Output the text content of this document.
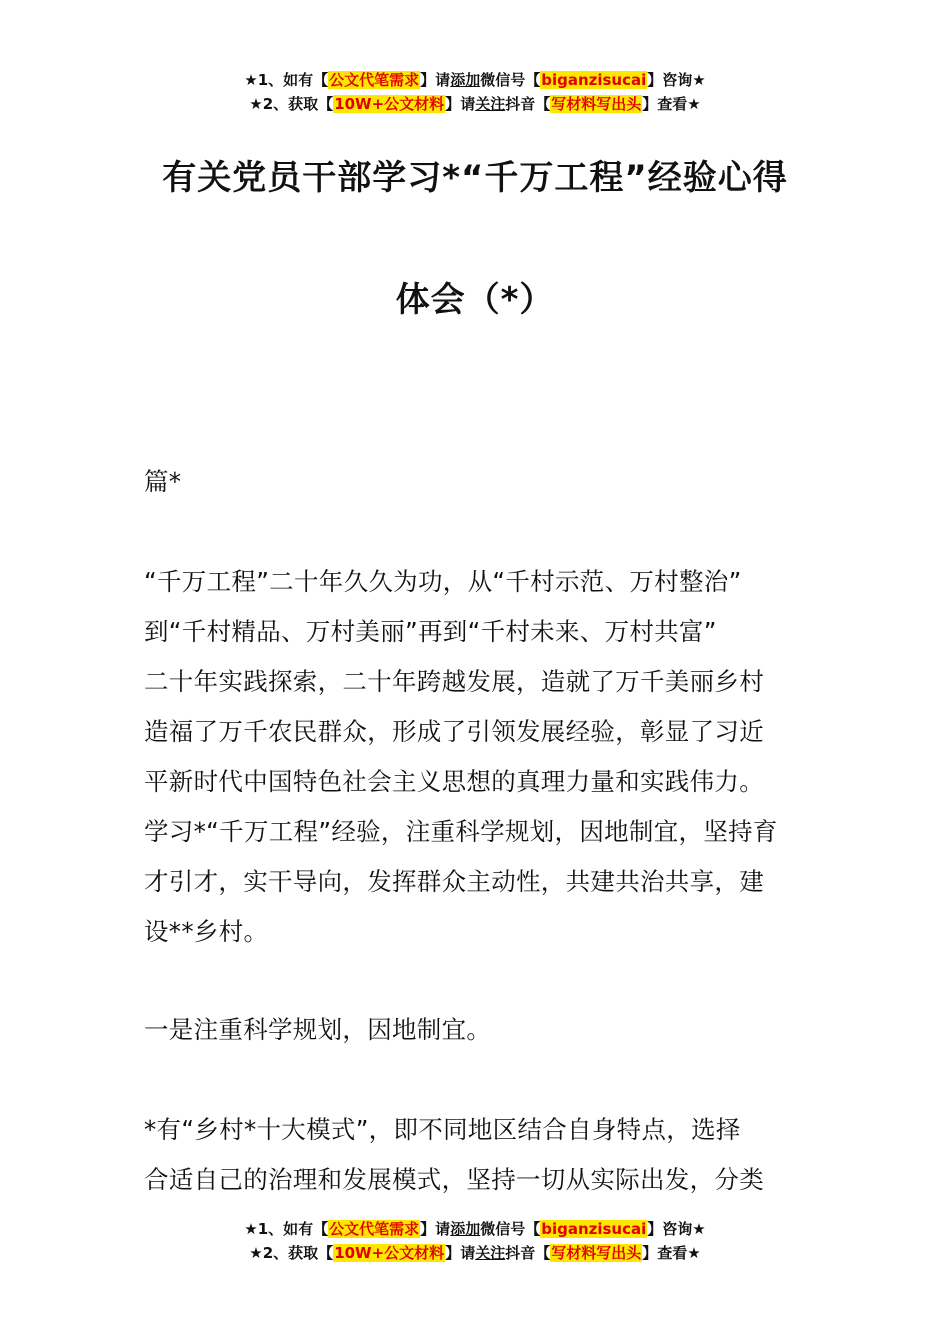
★1、如有【公文代笔需求】请添加微信号【biganzisucai】咨询★
★2、获取【10W+公文材料】请关注抖音【写材料写出头】查看★
有关党员干部学习*“千万工程”经验心得
体会（*）
篇*

“千万工程”二十年久久为功，从“千村示范、万村整治”

到“千村精品、万村美丽”再到“千村未来、万村共富”

二十年实践探索，二十年跨越发展，造就了万千美丽乡村

造福了万千农民群众，形成了引领发展经验，彰显了习近

平新时代中国特色社会主义思想的真理力量和实践伟力。

学习*“千万工程”经验，注重科学规划，因地制宜，坚持育

才引才，实干导向，发挥群众主动性，共建共治共享，建

设**乡村。

一是注重科学规划，因地制宜。

*有“乡村*十大模式”，即不同地区结合自身特点，选择

合适自己的治理和发展模式，坚持一切从实际出发，分类

★1、如有【公文代笔需求】请添加微信号【biganzisucai】咨询★
★2、获取【10W+公文材料】请关注抖音【写材料写出头】查看★
